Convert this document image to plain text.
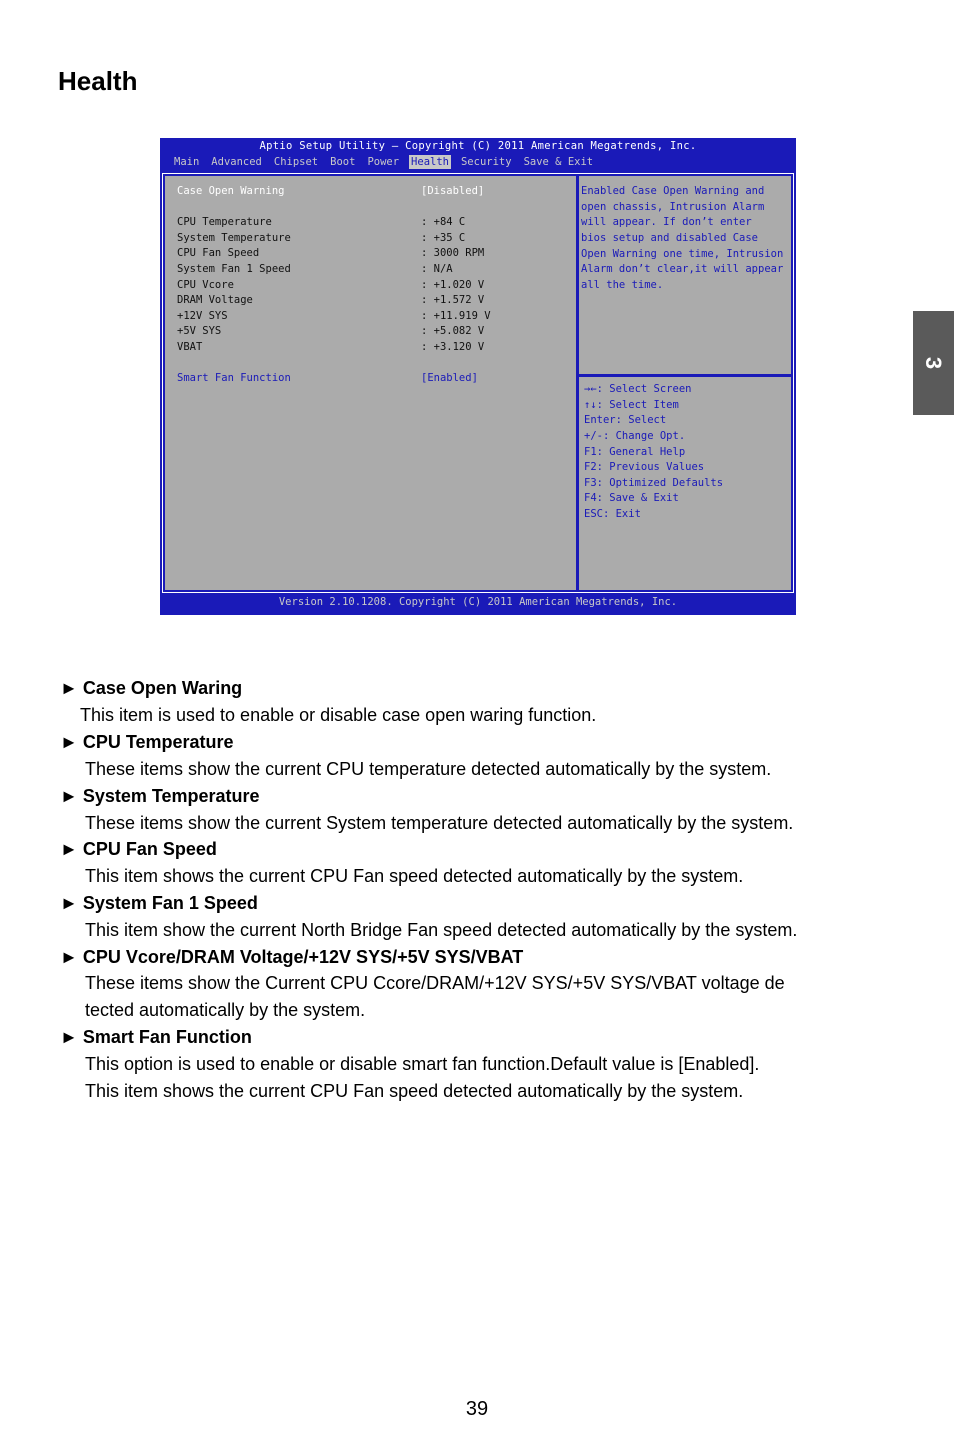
Health
3
Aptio Setup Utility – Copyright (C) 2011 American Megatrends, Inc.
Main Advanced Chipset Boot Power Health Security Save & Exit
Case Open Warning	[Disabled]
CPU Temperature	: +84 C
System Temperature	: +35 C
CPU Fan Speed	: 3000 RPM
System Fan 1 Speed	: N/A
CPU Vcore	: +1.020 V
DRAM Voltage	: +1.572 V
+12V SYS	: +11.919 V
+5V SYS	: +5.082 V
VBAT	: +3.120 V
Smart Fan Function	[Enabled]
Enabled Case Open Warning and
open chassis, Intrusion Alarm
will appear. If don’t enter
bios setup and disabled Case
Open Warning one time, Intrusion
Alarm don’t clear,it will appear
all the time.
→←: Select Screen
↑↓: Select Item
Enter: Select
+/-: Change Opt.
F1: General Help
F2: Previous Values
F3: Optimized Defaults
F4: Save & Exit
ESC: Exit
Version 2.10.1208. Copyright (C) 2011 American Megatrends, Inc.
► Case Open Waring
This item is used to enable or disable case open waring function.
► CPU Temperature
These items show the current CPU temperature detected automatically by the system.
► System Temperature
These items show the current System temperature detected automatically by the system.
► CPU Fan Speed
This item shows the current CPU Fan speed detected automatically by the system.
► System Fan 1 Speed
This item show the current North Bridge Fan speed detected automatically by the system.
► CPU Vcore/DRAM Voltage/+12V SYS/+5V SYS/VBAT
These items show the Current CPU Ccore/DRAM/+12V SYS/+5V SYS/VBAT voltage de
tected automatically by the system.
► Smart Fan Function
This option is used to enable or disable smart fan function.Default value is [Enabled].
This item shows the current CPU Fan speed detected automatically by the system.
39
